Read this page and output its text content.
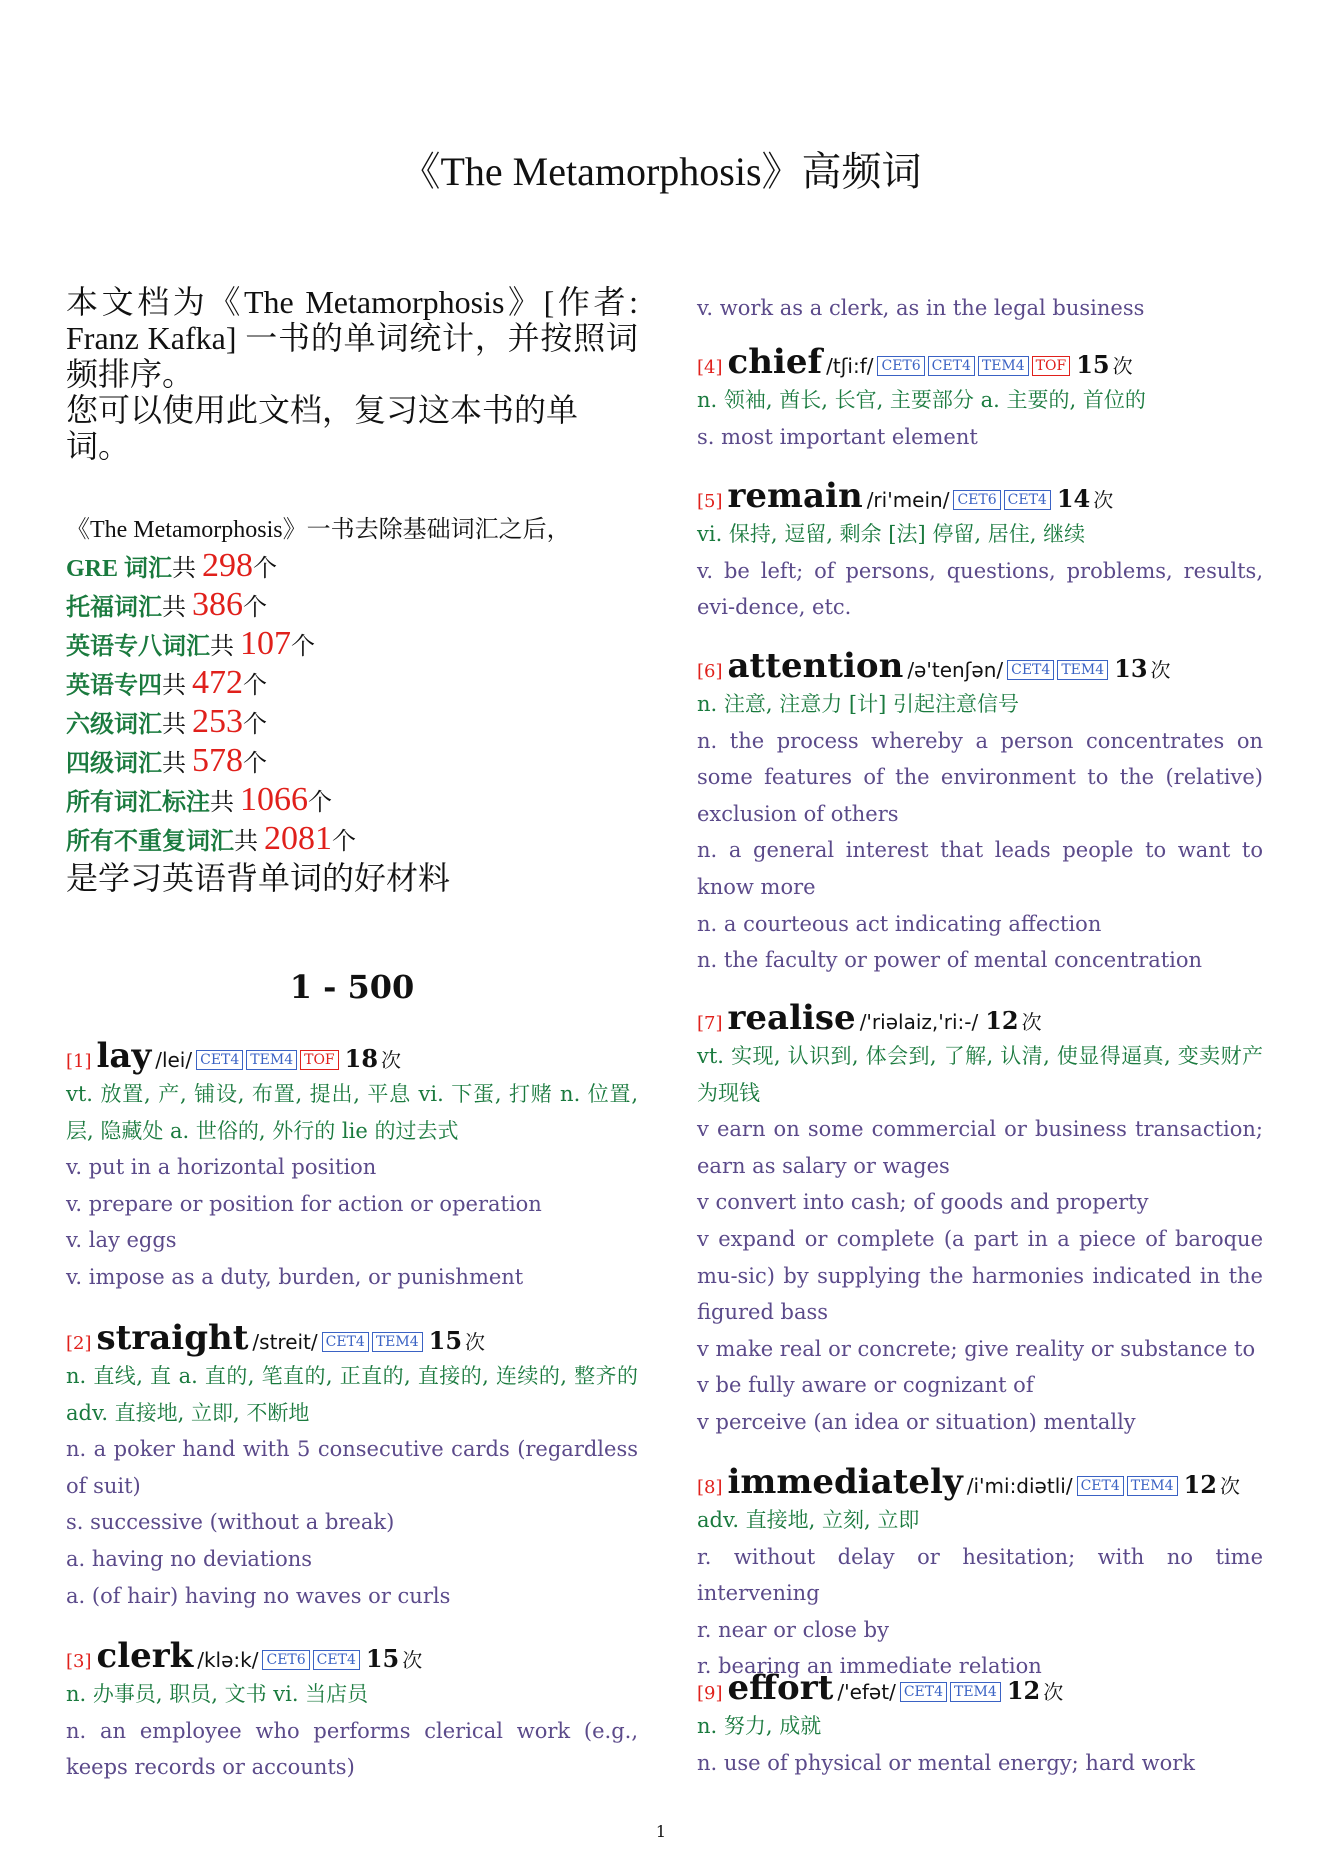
《The Metamorphosis》高频词

本文档为《The Metamorphosis》[作者: Franz Kafka] 一书的单词统计，并按照词频排序。

您可以使用此文档，复习这本书的单词。

《The Metamorphosis》一书去除基础词汇之后，
GRE 词汇共 298个
托福词汇共 386个
英语专八词汇共 107个
英语专四共 472个
六级词汇共 253个
四级词汇共 578个
所有词汇标注共 1066个
所有不重复词汇共 2081个
是学习英语背单词的好材料
1 - 500
[1] lay /lei/ CET4 TEM4 TOF 18 次
vt. 放置, 产, 铺设, 布置, 提出, 平息 vi. 下蛋, 打赌 n. 位置, 层, 隐藏处 a. 世俗的, 外行的 lie 的过去式
v. put in a horizontal position
v. prepare or position for action or operation
v. lay eggs
v. impose as a duty, burden, or punishment
[2] straight /streit/ CET4 TEM4 15 次
n. 直线, 直 a. 直的, 笔直的, 正直的, 直接的, 连续的, 整齐的 adv. 直接地, 立即, 不断地
n. a poker hand with 5 consecutive cards (regardless of suit)
s. successive (without a break)
a. having no deviations
a. (of hair) having no waves or curls
[3] clerk /klə:k/ CET6 CET4 15 次
n. 办事员, 职员, 文书 vi. 当店员
n. an employee who performs clerical work (e.g., keeps records or accounts)
v. work as a clerk, as in the legal business
[4] chief /tʃi:f/ CET6 CET4 TEM4 TOF 15 次
n. 领袖, 酋长, 长官, 主要部分 a. 主要的, 首位的
s. most important element
[5] remain /ri'mein/ CET6 CET4 14 次
vi. 保持, 逗留, 剩余 [法] 停留, 居住, 继续
v. be left; of persons, questions, problems, results, evi-dence, etc.
[6] attention /ə'tenʃən/ CET4 TEM4 13 次
n. 注意, 注意力 [计] 引起注意信号
n. the process whereby a person concentrates on some features of the environment to the (relative) exclusion of others
n. a general interest that leads people to want to know more
n. a courteous act indicating affection
n. the faculty or power of mental concentration
[7] realise /'riəlaiz,'ri:-/ 12 次
vt. 实现, 认识到, 体会到, 了解, 认清, 使显得逼真, 变卖财产为现钱
v earn on some commercial or business transaction; earn as salary or wages
v convert into cash; of goods and property
v expand or complete (a part in a piece of baroque mu-sic) by supplying the harmonies indicated in the figured bass
v make real or concrete; give reality or substance to
v be fully aware or cognizant of
v perceive (an idea or situation) mentally
[8] immediately /i'mi:diətli/ CET4 TEM4 12 次
adv. 直接地, 立刻, 立即
r. without delay or hesitation; with no time intervening
r. near or close by
r. bearing an immediate relation
[9] effort /'efət/ CET4 TEM4 12 次
n. 努力, 成就
n. use of physical or mental energy; hard work
1
